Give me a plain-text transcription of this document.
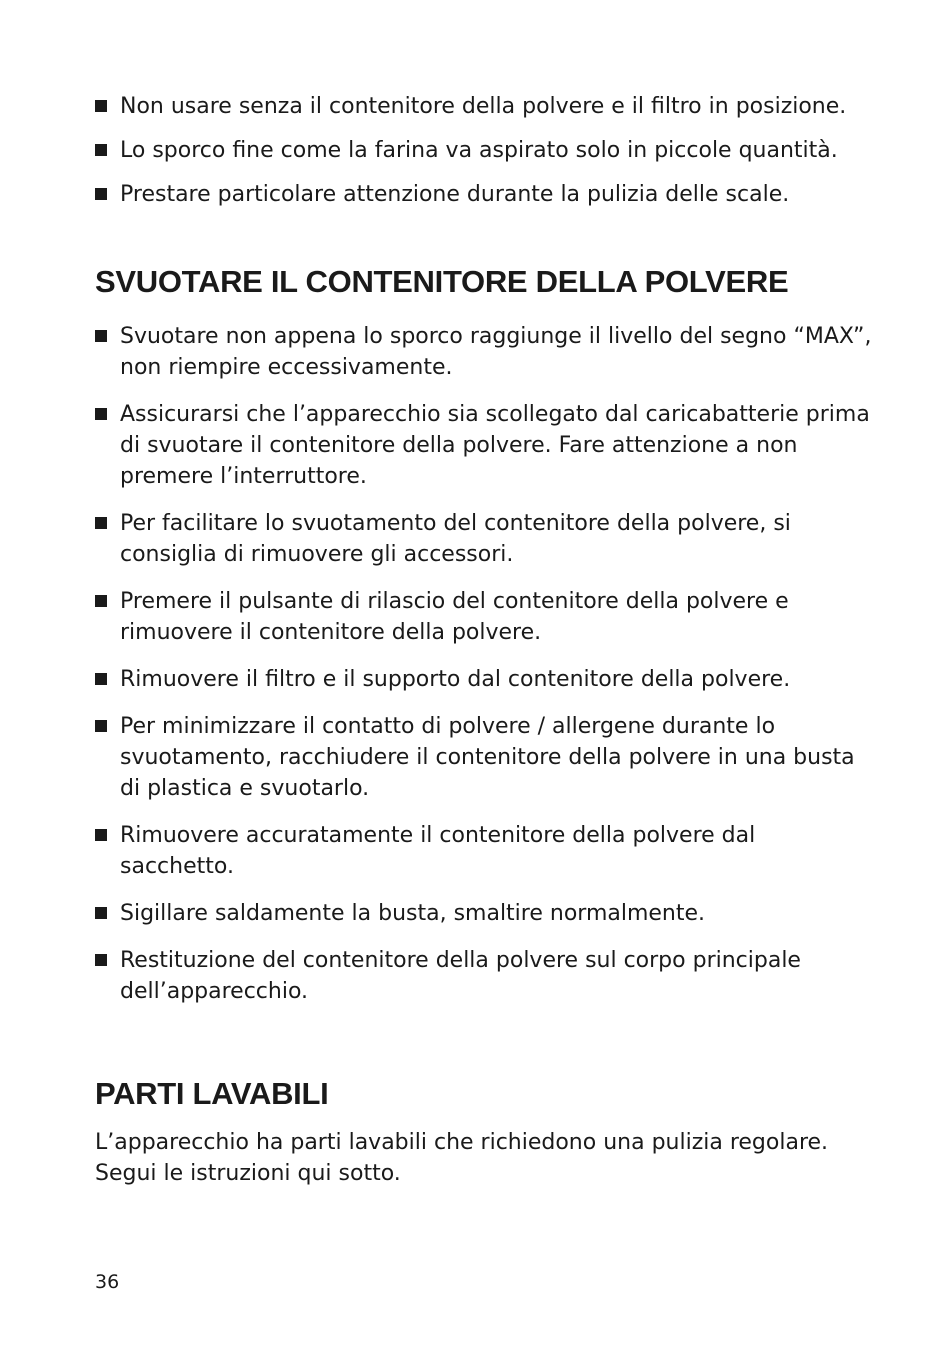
Non usare senza il contenitore della polvere e il filtro in posizione.
Lo sporco fine come la farina va aspirato solo in piccole quantità.
Prestare particolare attenzione durante la pulizia delle scale.
SVUOTARE IL CONTENITORE DELLA POLVERE
Svuotare non appena lo sporco raggiunge il livello del segno “MAX”, non riempire eccessivamente.
Assicurarsi che l’apparecchio sia scollegato dal caricabatterie prima di svuotare il contenitore della polvere. Fare attenzione a non premere l’interruttore.
Per facilitare lo svuotamento del contenitore della polvere, si consiglia di rimuovere gli accessori.
Premere il pulsante di rilascio del contenitore della polvere e rimuovere il contenitore della polvere.
Rimuovere il filtro e il supporto dal contenitore della polvere.
Per minimizzare il contatto di polvere / allergene durante lo svuotamento, racchiudere il contenitore della polvere in una busta di plastica e svuotarlo.
Rimuovere accuratamente il contenitore della polvere dal sacchetto.
Sigillare saldamente la busta, smaltire normalmente.
Restituzione del contenitore della polvere sul corpo principale dell’apparecchio.
PARTI LAVABILI

L’apparecchio ha parti lavabili che richiedono una pulizia regolare. Segui le istruzioni qui sotto.

36
